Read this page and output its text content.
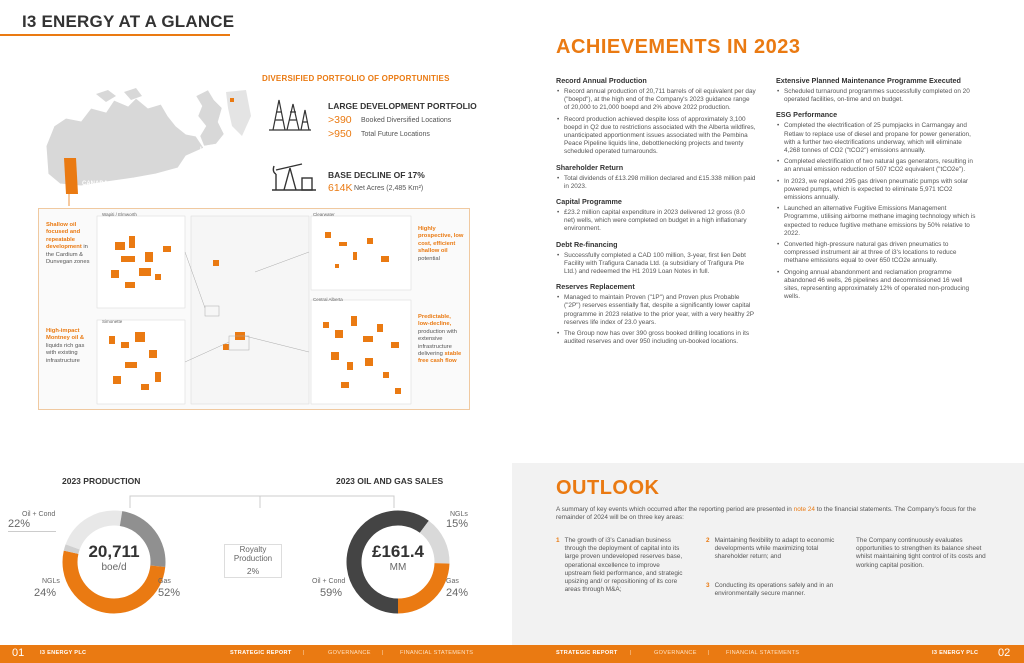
I3 ENERGY AT A GLANCE
DIVERSIFIED PORTFOLIO OF OPPORTUNITIES
UK
CANADA
LARGE DEVELOPMENT PORTFOLIO
>390 Booked Diversified Locations
>950 Total Future Locations
BASE DECLINE OF 17%
614K Net Acres (2,485 Km²)
Wapiti / Elmworth	Clearwater
Central Alberta
Simonette
Shallow oil focused and repeatable development in the Cardium & Dunvegan zones
High-impact Montney oil & liquids rich gas with existing infrastructure
Highly prospective, low cost, efficient shallow oil potential
Predictable, low-decline, production with extensive infrastructure delivering stable free cash flow
2023 PRODUCTION	2023 OIL AND GAS SALES
20,711
boe/d
£161.4
MM
Oil + Cond
22%
NGLs
24%
Gas
52%
Royalty Production
2%
NGLs
15%
Oil + Cond
59%
Gas
24%
ACHIEVEMENTS IN 2023
Record Annual Production
• Record annual production of 20,711 barrels of oil equivalent per day ("boepd"), at the high end of the Company's 2023 guidance range of 20,000 to 21,000 boepd and 2% above 2022 production.
• Record production achieved despite loss of approximately 3,100 boepd in Q2 due to restrictions associated with the Alberta wildfires, unanticipated apportionment issues associated with the Pembina Peace Pipeline liquids line, debottlenecking projects and twenty scheduled operated turnarounds.
Shareholder Return
• Total dividends of £13.298 million declared and £15.338 million paid in 2023.
Capital Programme
• £23.2 million capital expenditure in 2023 delivered 12 gross (8.0 net) wells, which were completed on budget in a high inflationary environment.
Debt Re-financing
• Successfully completed a CAD 100 million, 3-year, first lien Debt Facility with Trafigura Canada Ltd. (a subsidiary of Trafigura Pte Ltd.) and redeemed the H1 2019 Loan Notes in full.
Reserves Replacement
• Managed to maintain Proven ("1P") and Proven plus Probable ("2P") reserves essentially flat, despite a significantly lower capital programme in 2023 relative to the prior year, with a very healthy 2P reserves life index of 23.0 years.
• The Group now has over 390 gross booked drilling locations in its audited reserves and over 950 including un-booked locations.
Extensive Planned Maintenance Programme Executed
• Scheduled turnaround programmes successfully completed on 20 operated facilities, on-time and on budget.
ESG Performance
• Completed the electrification of 25 pumpjacks in Carmangay and Retlaw to replace use of diesel and propane for power generation, with a further two electrifications underway, which will eliminate 4,268 tonnes of CO2 ("tCO2") emissions annually.
• Completed electrification of two natural gas generators, resulting in an annual emission reduction of 507 tCO2 equivalent ("tCO2e").
• In 2023, we replaced 295 gas driven pneumatic pumps with solar powered pumps, which is expected to eliminate 5,971 tCO2 emissions annually.
• Launched an alternative Fugitive Emissions Management Programme, utilising airborne methane imaging technology which is expected to reduce fugitive methane emissions by 50% relative to 2022.
• Converted high-pressure natural gas driven pneumatics to compressed instrument air at three of i3's locations to reduce methane emissions equal to over 650 tCO2e annually.
• Ongoing annual abandonment and reclamation programme abandoned 46 wells, 26 pipelines and decommissioned 16 well sites, representing approximately 12% of operated non-producing wells.
OUTLOOK
A summary of key events which occurred after the reporting period are presented in note 24 to the financial statements. The Company's focus for the remainder of 2024 will be on three key areas:
1 The growth of i3's Canadian business through the deployment of capital into its large proven undeveloped reserves base, operational excellence to improve upstream field performance, and strategic upsizing and/ or repositioning of its core areas through M&A;
2 Maintaining flexibility to adapt to economic developments while maximizing total shareholder return; and
3 Conducting its operations safely and in an environmentally secure manner.
The Company continuously evaluates opportunities to strengthen its balance sheet whilst maintaining tight control of its costs and working capital position.
01	I3 ENERGY PLC	STRATEGIC REPORT |	GOVERNANCE |	FINANCIAL STATEMENTS	STRATEGIC REPORT |	GOVERNANCE |	FINANCIAL STATEMENTS	I3 ENERGY PLC 02
